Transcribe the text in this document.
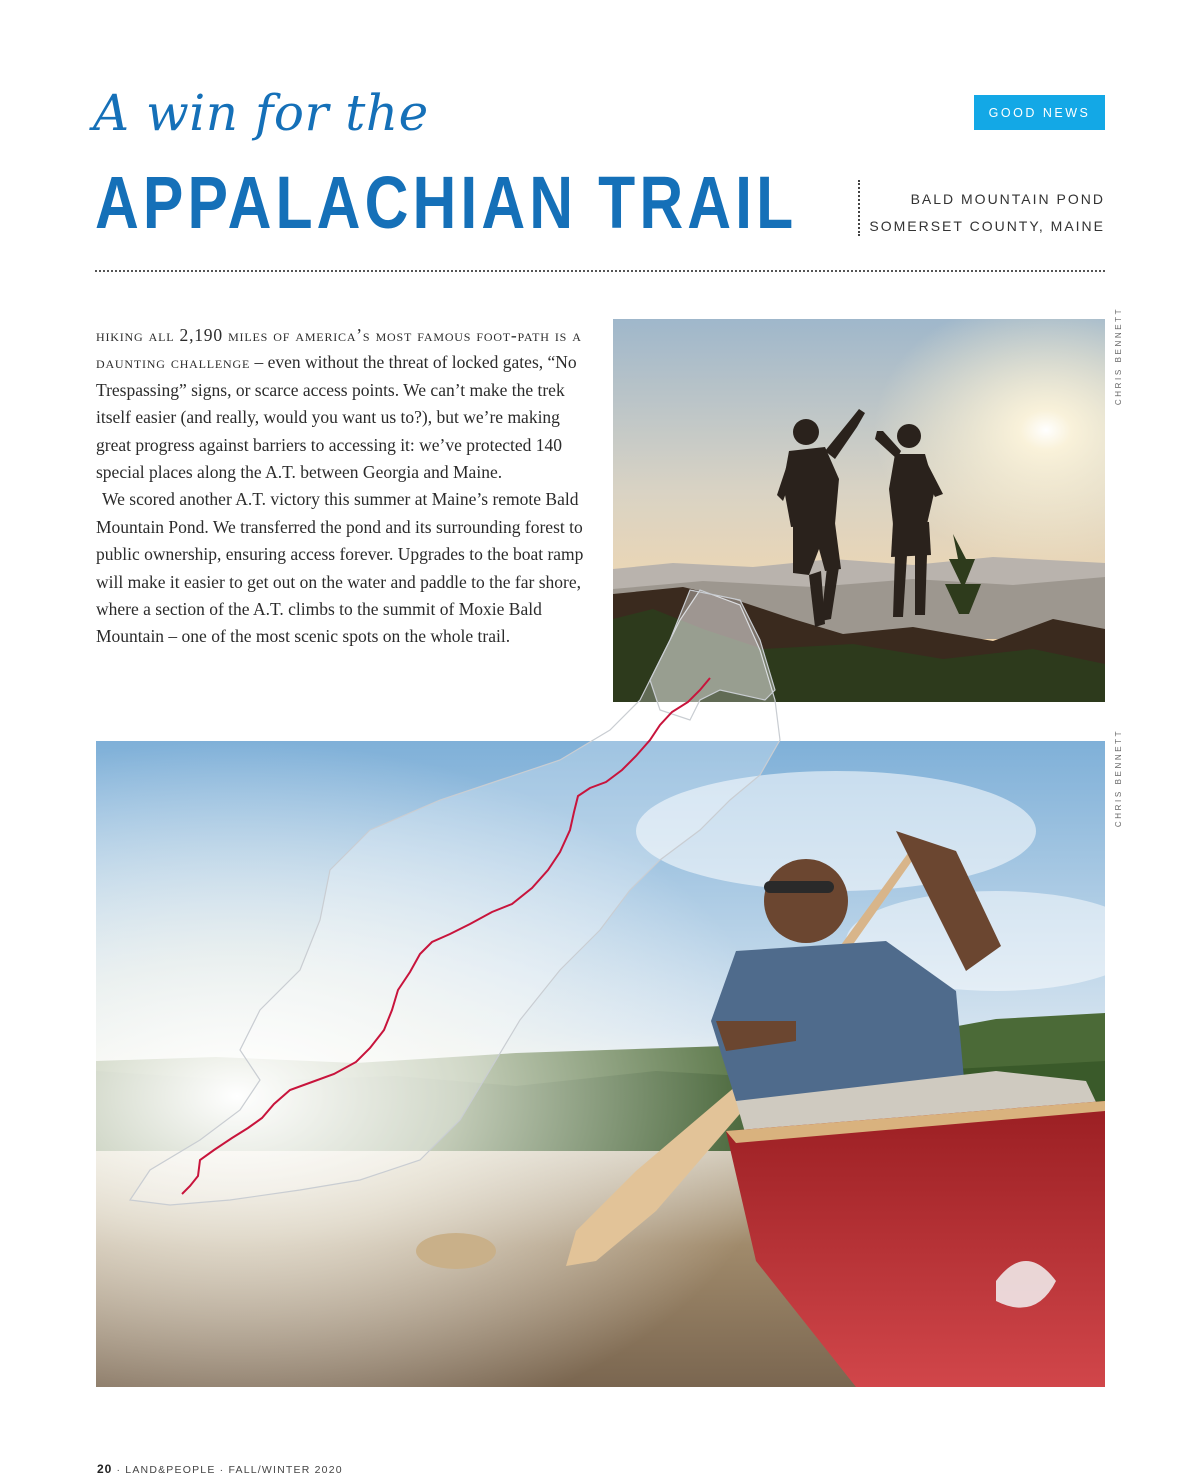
A win for the
APPALACHIAN TRAIL
GOOD NEWS
BALD MOUNTAIN POND
SOMERSET COUNTY, MAINE

hiking all 2,190 miles of america’s most famous foot-path is a daunting challenge – even without the threat of locked gates, “No Trespassing” signs, or scarce access points. We can’t make the trek itself easier (and really, would you want us to?), but we’re making great progress against barriers to accessing it: we’ve protected 140 special places along the A.T. between Georgia and Maine.

We scored another A.T. victory this summer at Maine’s remote Bald Mountain Pond. We transferred the pond and its surrounding forest to public ownership, ensuring access forever. Upgrades to the boat ramp will make it easier to get out on the water and paddle to the far shore, where a section of the A.T. climbs to the summit of Moxie Bald Mountain – one of the most scenic spots on the whole trail.

CHRIS BENNETT
CHRIS BENNETT
20 · LAND&PEOPLE · FALL/WINTER 2020
